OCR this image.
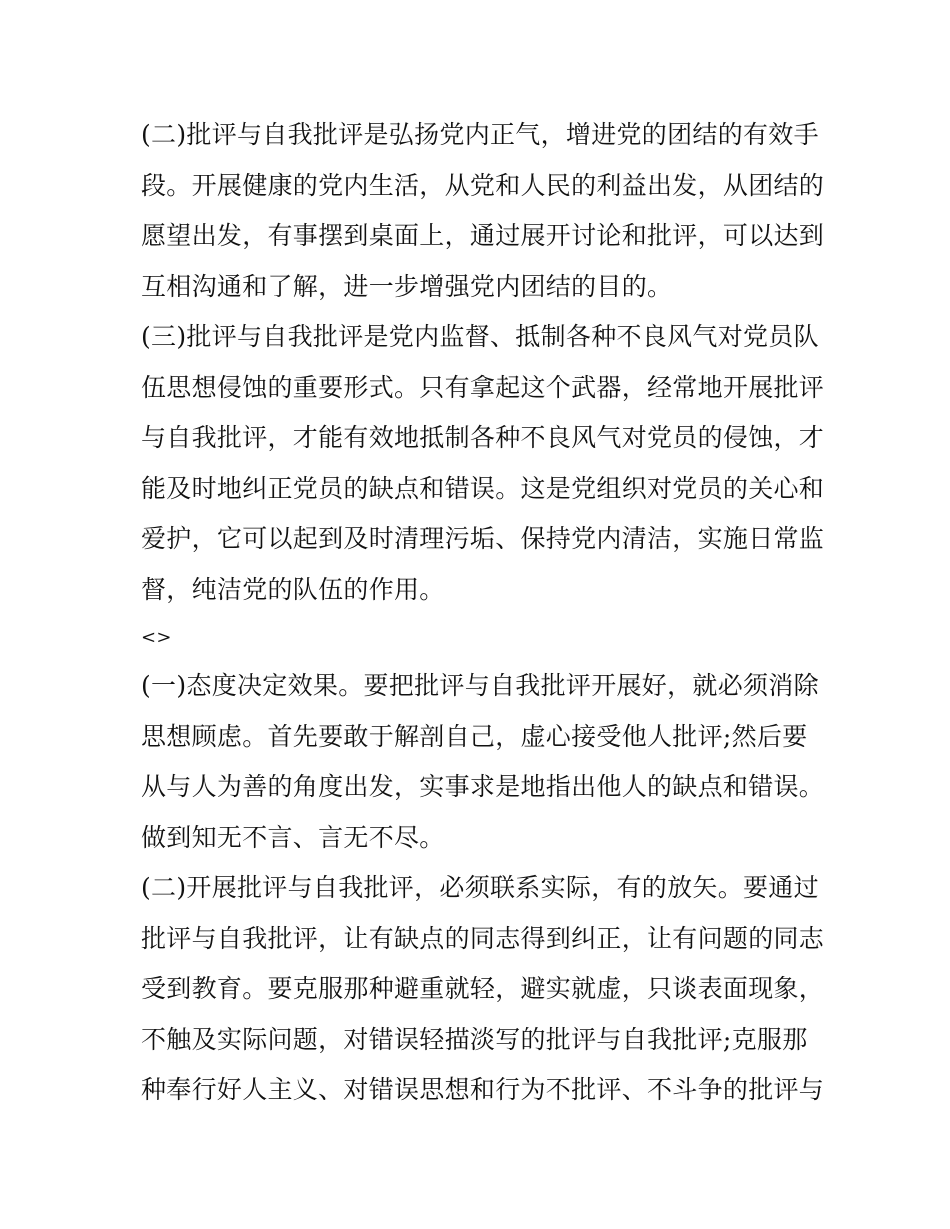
(二)批评与自我批评是弘扬党内正气，增进党的团结的有效手
段。开展健康的党内生活，从党和人民的利益出发，从团结的
愿望出发，有事摆到桌面上，通过展开讨论和批评，可以达到
互相沟通和了解，进一步增强党内团结的目的。
(三)批评与自我批评是党内监督、抵制各种不良风气对党员队
伍思想侵蚀的重要形式。只有拿起这个武器，经常地开展批评
与自我批评，才能有效地抵制各种不良风气对党员的侵蚀，才
能及时地纠正党员的缺点和错误。这是党组织对党员的关心和
爱护，它可以起到及时清理污垢、保持党内清洁，实施日常监
督，纯洁党的队伍的作用。
<>
(一)态度决定效果。要把批评与自我批评开展好，就必须消除
思想顾虑。首先要敢于解剖自己，虚心接受他人批评;然后要
从与人为善的角度出发，实事求是地指出他人的缺点和错误。
做到知无不言、言无不尽。
(二)开展批评与自我批评，必须联系实际，有的放矢。要通过
批评与自我批评，让有缺点的同志得到纠正，让有问题的同志
受到教育。要克服那种避重就轻，避实就虚，只谈表面现象，
不触及实际问题，对错误轻描淡写的批评与自我批评;克服那
种奉行好人主义、对错误思想和行为不批评、不斗争的批评与
